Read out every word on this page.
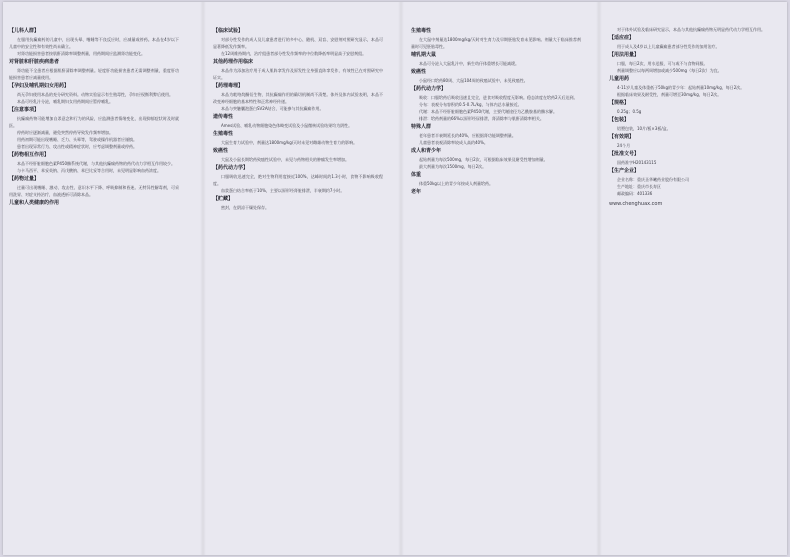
【儿科人群】

在服用抗癫痫药的儿童中，出现头晕、嗜睡等不良反应时，应减量或停药。本品在4岁以下儿童中的安全性和有效性尚未确立。

对肾功能损害患者按肌酐清除率调整剂量，用药期间应监测肾功能变化。

对肾脏和肝脏疾病患者

肾功能不全患者应根据肌酐清除率调整剂量。轻度肝功能损害患者无需调整剂量，重度肝功能损害患者应减量使用。

【孕妇及哺乳期妇女用药】

尚无孕妇使用本品的充分研究资料。动物实验显示有生殖毒性，孕妇应权衡利弊后使用。

本品可经乳汁分泌，哺乳期妇女用药期间应暂停哺乳。

【注意事项】

抗癫痫药物可能增加自杀意念和行为的风险，应监测患者情绪变化，出现抑郁症状时及时就医。

停药时应逐渐减量，避免突然停药导致发作频率增加。

用药初期可能出现嗜睡、乏力、头晕等，驾驶或操作机器者应谨慎。

患者出现异常行为、攻击性或精神症状时，应考虑调整剂量或停药。

【药物相互作用】

本品不经肝脏细胞色素P450酶系统代谢，与其他抗癫痫药物的药代动力学相互作用较少。

与卡马西平、苯妥英钠、丙戊酸钠、苯巴比妥等合用时，未见明显影响血药浓度。

【药物过量】

过量可出现嗜睡、激动、攻击性、意识水平下降、呼吸抑制和昏迷。无特异性解毒剂，可采用洗胃、对症支持治疗，血液透析可清除本品。

儿童和人类健康的作用
【临床试验】

对部分性发作的成人及儿童患者进行的多中心、随机、双盲、安慰剂对照研究显示，本品可显著降低发作频率。

在12周维持期内，治疗组患者部分性发作频率的中位数降低率明显高于安慰剂组。

其他药理作用临床

本品作为添加治疗用于成人肌阵挛发作及原发性全身强直阵挛发作，有效性已在对照研究中证实。

【药理毒理】

本品为吡咯烷酮衍生物，其抗癫痫作用的确切机制尚不清楚。体外及体内试验表明，本品不改变神经细胞的基本特性和正常神经传递。

本品与突触囊泡蛋白SV2A结合，可能参与其抗癫痫作用。

遗传毒性

Ames试验、哺乳动物细胞染色体畸变试验及小鼠微核试验结果均为阴性。

生殖毒性

大鼠生育力试验中，剂量达1800mg/kg/天时未见对雌雄动物生育力的影响。

致癌性

大鼠及小鼠长期给药致癌性试验中，未见与药物相关的肿瘤发生率增加。

【药代动力学】

口服吸收迅速完全，绝对生物利用度接近100%，达峰时间约1.3小时，食物不影响吸收程度。

血浆蛋白结合率低于10%，主要以原形经肾脏排泄，半衰期约7小时。

【贮藏】

密封，在阴凉干燥处保存。

生殖毒性

在大鼠中剂量达1800mg/kg/天时对生育力及早期胚胎发育未见影响。剂量大于临床推荐剂量时可见胚胎毒性。

哺乳期大鼠

本品可分泌入大鼠乳汁中，新生幼仔体重增长可能减缓。

致癌性

小鼠经口给药80周、大鼠104周的致癌试验中，未见致癌性。

【药代动力学】

吸收：口服给药后吸收迅速且完全，进食对吸收程度无影响。稳态浓度在给药2天后达到。

分布：表观分布容积约0.5-0.7L/kg，与体内总水量接近。

代谢：本品不经肝脏细胞色素P450代谢，主要代谢途径为乙酰胺基的酶水解。

排泄：给药剂量的66%以原形经尿排泄，肾清除率与肌酐清除率相关。

特殊人群

老年患者半衰期延长约40%，应根据肾功能调整剂量。

儿童患者表观清除率较成人高约40%。

成人和青少年

起始剂量为每次500mg，每日2次，可根据临床效果及耐受性增加剂量。

最大剂量为每次1500mg，每日2次。

体重

体重50kg以上的青少年按成人剂量给药。

老年

对于体外试验及临床研究显示，本品与其他抗癫痫药物无明显药代动力学相互作用。

【适应症】

用于成人及4岁以上儿童癫痫患者部分性发作的加用治疗。

【用法用量】

口服，每日2次，用水送服，可与或不与食物同服。

剂量调整应以每两周增加或减少500mg（每日2次）为宜。

儿童用药

4-11岁儿童及体重低于50kg的青少年：起始剂量10mg/kg，每日2次。

根据临床效果及耐受性，剂量可增至30mg/kg，每日2次。

【规格】

0.25g；0.5g

【包装】

铝塑包装，10片/板×3板/盒。

【有效期】

24个月

【批准文号】

国药准字H20143115

【生产企业】

企业名称：重庆圣华曦药业股份有限公司

生产地址：重庆市长寿区

邮政编码：401336

www.chenghuax.com
